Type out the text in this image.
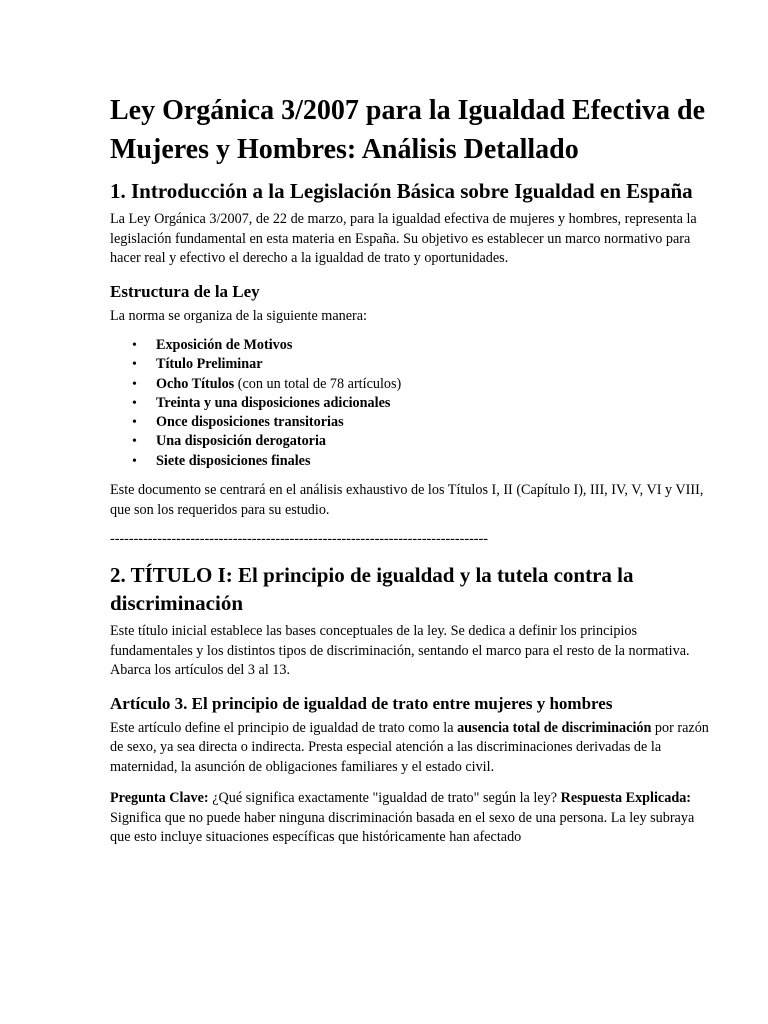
Ley Orgánica 3/2007 para la Igualdad Efectiva de Mujeres y Hombres: Análisis Detallado
1. Introducción a la Legislación Básica sobre Igualdad en España

La Ley Orgánica 3/2007, de 22 de marzo, para la igualdad efectiva de mujeres y hombres, representa la legislación fundamental en esta materia en España. Su objetivo es establecer un marco normativo para hacer real y efectivo el derecho a la igualdad de trato y oportunidades.

Estructura de la Ley

La norma se organiza de la siguiente manera:

• Exposición de Motivos
• Título Preliminar
• Ocho Títulos (con un total de 78 artículos)
• Treinta y una disposiciones adicionales
• Once disposiciones transitorias
• Una disposición derogatoria
• Siete disposiciones finales

Este documento se centrará en el análisis exhaustivo de los Títulos I, II (Capítulo I), III, IV, V, VI y VIII, que son los requeridos para su estudio.

--------------------------------------------------------------------------------
2. TÍTULO I: El principio de igualdad y la tutela contra la discriminación

Este título inicial establece las bases conceptuales de la ley. Se dedica a definir los principios fundamentales y los distintos tipos de discriminación, sentando el marco para el resto de la normativa. Abarca los artículos del 3 al 13.

Artículo 3. El principio de igualdad de trato entre mujeres y hombres

Este artículo define el principio de igualdad de trato como la ausencia total de discriminación por razón de sexo, ya sea directa o indirecta. Presta especial atención a las discriminaciones derivadas de la maternidad, la asunción de obligaciones familiares y el estado civil.

Pregunta Clave: ¿Qué significa exactamente "igualdad de trato" según la ley? Respuesta Explicada: Significa que no puede haber ninguna discriminación basada en el sexo de una persona. La ley subraya que esto incluye situaciones específicas que históricamente han afectado
